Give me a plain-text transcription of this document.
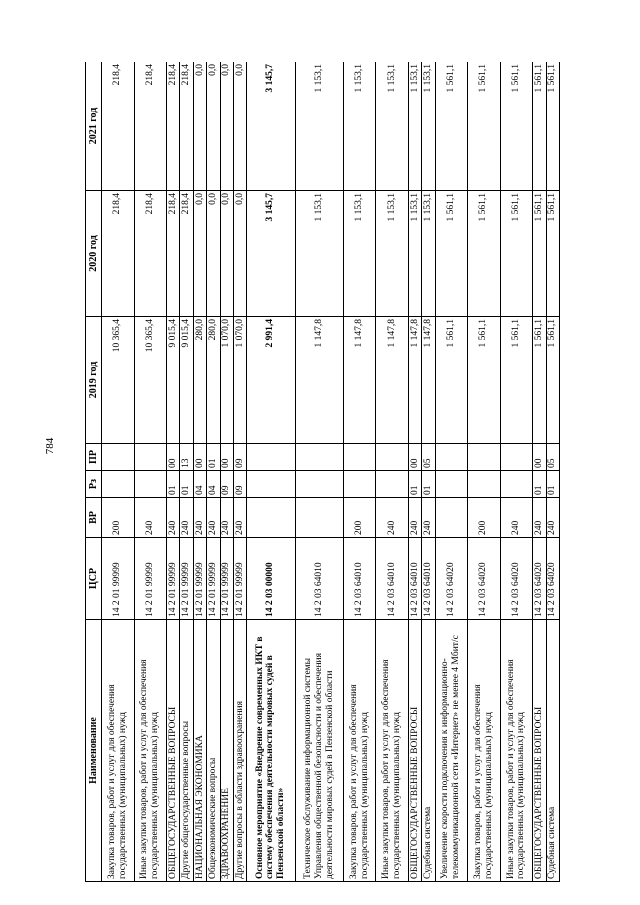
784
Наименование	ЦСР	ВР	Рз	ПР	2019 год	2020 год	2021 год
Закупка товаров, работ и услуг для обеспечения государственных (муниципальных) нужд	14 2 01 99999	200			10 365,4	218,4	218,4
Иные закупки товаров, работ и услуг для обеспечения государственных (муниципальных) нужд	14 2 01 99999	240			10 365,4	218,4	218,4
ОБЩЕГОСУДАРСТВЕННЫЕ ВОПРОСЫ	14 2 01 99999	240	01	00	9 015,4	218,4	218,4
Другие общегосударственные вопросы	14 2 01 99999	240	01	13	9 015,4	218,4	218,4
НАЦИОНАЛЬНАЯ ЭКОНОМИКА	14 2 01 99999	240	04	00	280,0	0,0	0,0
Общеэкономические вопросы	14 2 01 99999	240	04	01	280,0	0,0	0,0
ЗДРАВООХРАНЕНИЕ	14 2 01 99999	240	09	00	1 070,0	0,0	0,0
Другие вопросы в области здравоохранения	14 2 01 99999	240	09	09	1 070,0	0,0	0,0
Основное мероприятие «Внедрение современных ИКТ в систему обеспечения деятельности мировых судей в Пензенской области»	14 2 03 00000				2 991,4	3 145,7	3 145,7
Техническое обслуживание информационной системы Управления общественной безопасности и обеспечения деятельности мировых судей в Пензенской области	14 2 03 64010				1 147,8	1 153,1	1 153,1
Закупка товаров, работ и услуг для обеспечения государственных (муниципальных) нужд	14 2 03 64010	200			1 147,8	1 153,1	1 153,1
Иные закупки товаров, работ и услуг для обеспечения государственных (муниципальных) нужд	14 2 03 64010	240			1 147,8	1 153,1	1 153,1
ОБЩЕГОСУДАРСТВЕННЫЕ ВОПРОСЫ	14 2 03 64010	240	01	00	1 147,8	1 153,1	1 153,1
Судебная система	14 2 03 64010	240	01	05	1 147,8	1 153,1	1 153,1
Увеличение скорости подключения к информационно-телекоммуникационной сети «Интернет» не менее 4 Мбит/с	14 2 03 64020				1 561,1	1 561,1	1 561,1
Закупка товаров, работ и услуг для обеспечения государственных (муниципальных) нужд	14 2 03 64020	200			1 561,1	1 561,1	1 561,1
Иные закупки товаров, работ и услуг для обеспечения государственных (муниципальных) нужд	14 2 03 64020	240			1 561,1	1 561,1	1 561,1
ОБЩЕГОСУДАРСТВЕННЫЕ ВОПРОСЫ	14 2 03 64020	240	01	00	1 561,1	1 561,1	1 561,1
Судебная система	14 2 03 64020	240	01	05	1 561,1	1 561,1	1 561,1
